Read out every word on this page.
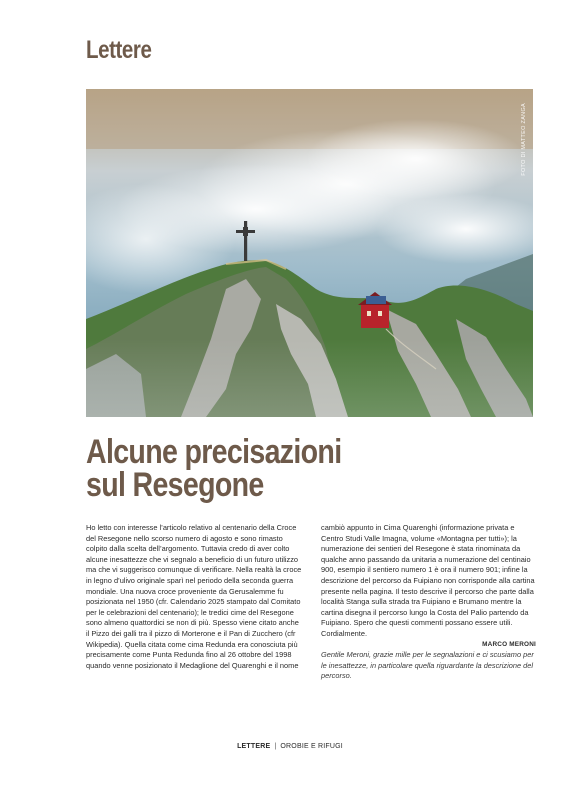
Lettere
FOTO DI MATTEO ZANGA
Alcune precisazioni
sul Resegone

Ho letto con interesse l’articolo relativo al centenario della Croce del Resegone nello scorso numero di agosto e sono rimasto colpito dalla scelta dell’argomento. Tuttavia credo di aver colto alcune inesattezze che vi segnalo a beneficio di un futuro utilizzo ma che vi suggerisco comunque di verificare. Nella realtà la croce in legno d’ulivo originale sparì nel periodo della seconda guerra mondiale. Una nuova croce proveniente da Gerusalemme fu posizionata nel 1950 (cfr. Calendario 2025 stampato dal Comitato per le celebrazioni del centenario); le tredici cime del Resegone sono almeno quattordici se non di più. Spesso viene citato anche il Pizzo dei galli tra il pizzo di Morterone e il Pan di Zucchero (cfr Wikipedia). Quella citata come cima Redunda era conosciuta più precisamente come Punta Redunda fino al 26 ottobre del 1998 quando venne posizionato il Medaglione del Quarenghi e il nome

cambiò appunto in Cima Quarenghi (informazione privata e Centro Studi Valle Imagna, volume «Montagna per tutti»); la numerazione dei sentieri del Resegone è stata rinominata da qualche anno passando da unitaria a numerazione del centinaio 900, esempio il sentiero numero 1 è ora il numero 901; infine la descrizione del percorso da Fuipiano non corrisponde alla cartina presente nella pagina. Il testo descrive il percorso che parte dalla località Stanga sulla strada tra Fuipiano e Brumano mentre la cartina disegna il percorso lungo la Costa del Palio partendo da Fuipiano. Spero che questi commenti possano essere utili. Cordialmente.

MARCO MERONI

Gentile Meroni, grazie mille per le segnalazioni e ci scusiamo per le inesattezze, in particolare quella riguardante la descrizione del percorso.

LETTERE | OROBIE E RIFUGI
